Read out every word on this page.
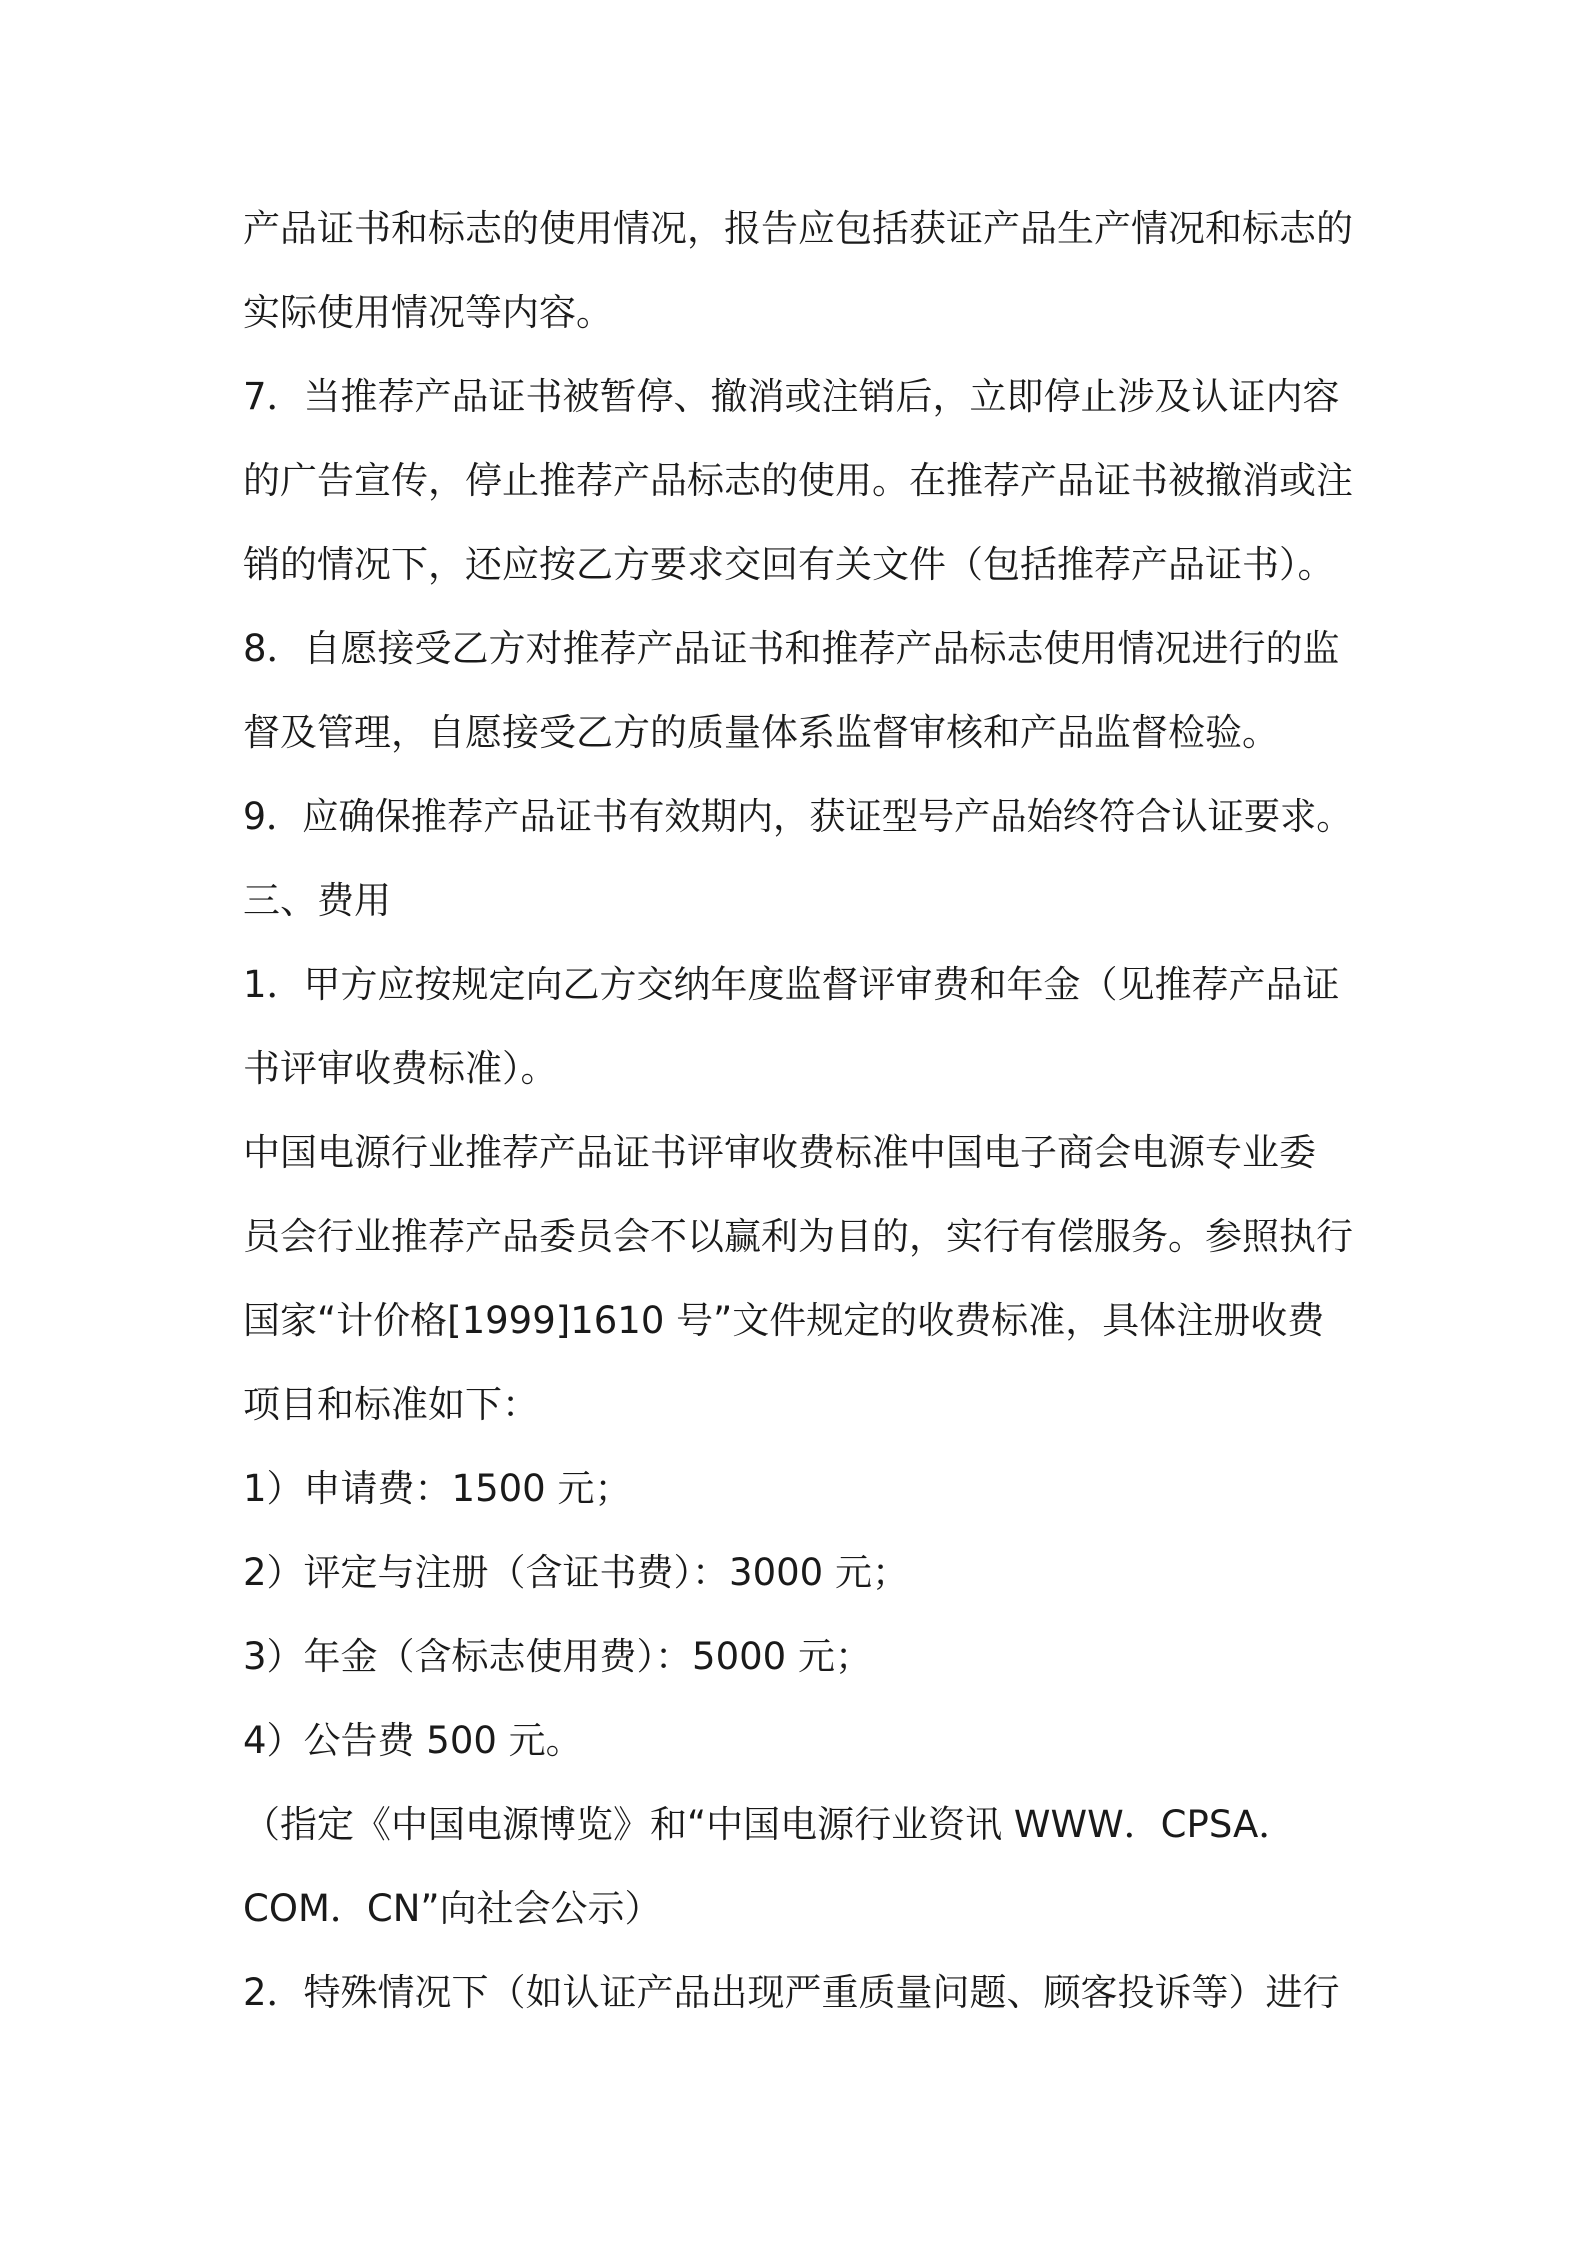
产品证书和标志的使用情况，报告应包括获证产品生产情况和标志的
实际使用情况等内容。
7．当推荐产品证书被暂停、撤消或注销后，立即停止涉及认证内容
的广告宣传，停止推荐产品标志的使用。在推荐产品证书被撤消或注
销的情况下，还应按乙方要求交回有关文件（包括推荐产品证书）。
8．自愿接受乙方对推荐产品证书和推荐产品标志使用情况进行的监
督及管理，自愿接受乙方的质量体系监督审核和产品监督检验。
9．应确保推荐产品证书有效期内，获证型号产品始终符合认证要求。
三、费用
1．甲方应按规定向乙方交纳年度监督评审费和年金（见推荐产品证
书评审收费标准）。
中国电源行业推荐产品证书评审收费标准中国电子商会电源专业委
员会行业推荐产品委员会不以赢利为目的，实行有偿服务。参照执行
国家“计价格[1999]1610 号”文件规定的收费标准，具体注册收费
项目和标准如下：
1）申请费：1500 元；
2）评定与注册（含证书费）：3000 元；
3）年金（含标志使用费）：5000 元；
4）公告费 500 元。
（指定《中国电源博览》和“中国电源行业资讯 WWW．CPSA．
COM．CN”向社会公示）
2．特殊情况下（如认证产品出现严重质量问题、顾客投诉等）进行
